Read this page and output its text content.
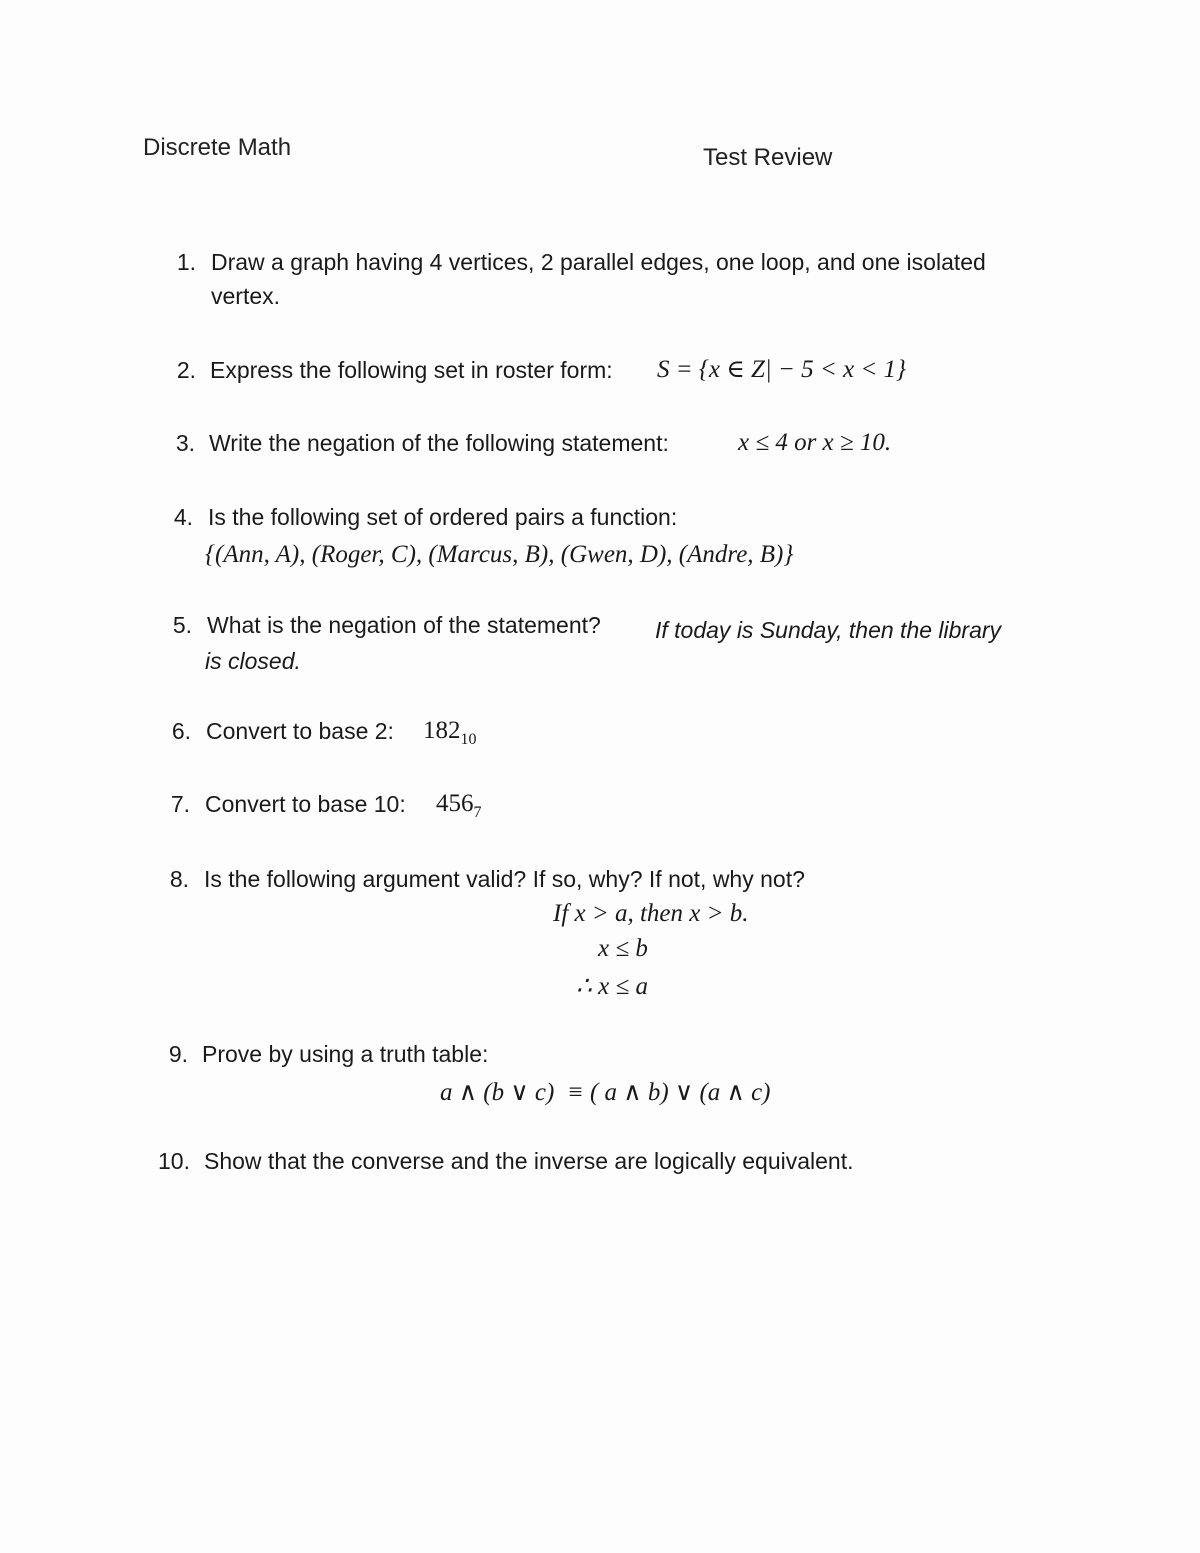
Discrete Math	Test Review
1. Draw a graph having 4 vertices, 2 parallel edges, one loop, and one isolated
vertex.
2. Express the following set in roster form: S = {x ∈ Z| − 5 < x < 1}
3. Write the negation of the following statement:	x ≤ 4 or x ≥ 10.
4. Is the following set of ordered pairs a function:
{(Ann, A), (Roger, C), (Marcus, B), (Gwen, D), (Andre, B)}
5. What is the negation of the statement? If today is Sunday, then the library
is closed.
6. Convert to base 2: $182_{10}$
7. Convert to base 10: $456_7$
8. Is the following argument valid? If so, why? If not, why not?
If x > a, then x > b.
x ≤ b
∴ x ≤ a
9. Prove by using a truth table:
a ∧ (b ∨ c)  ≡ ( a ∧ b) ∨ (a ∧ c)
10. Show that the converse and the inverse are logically equivalent.
